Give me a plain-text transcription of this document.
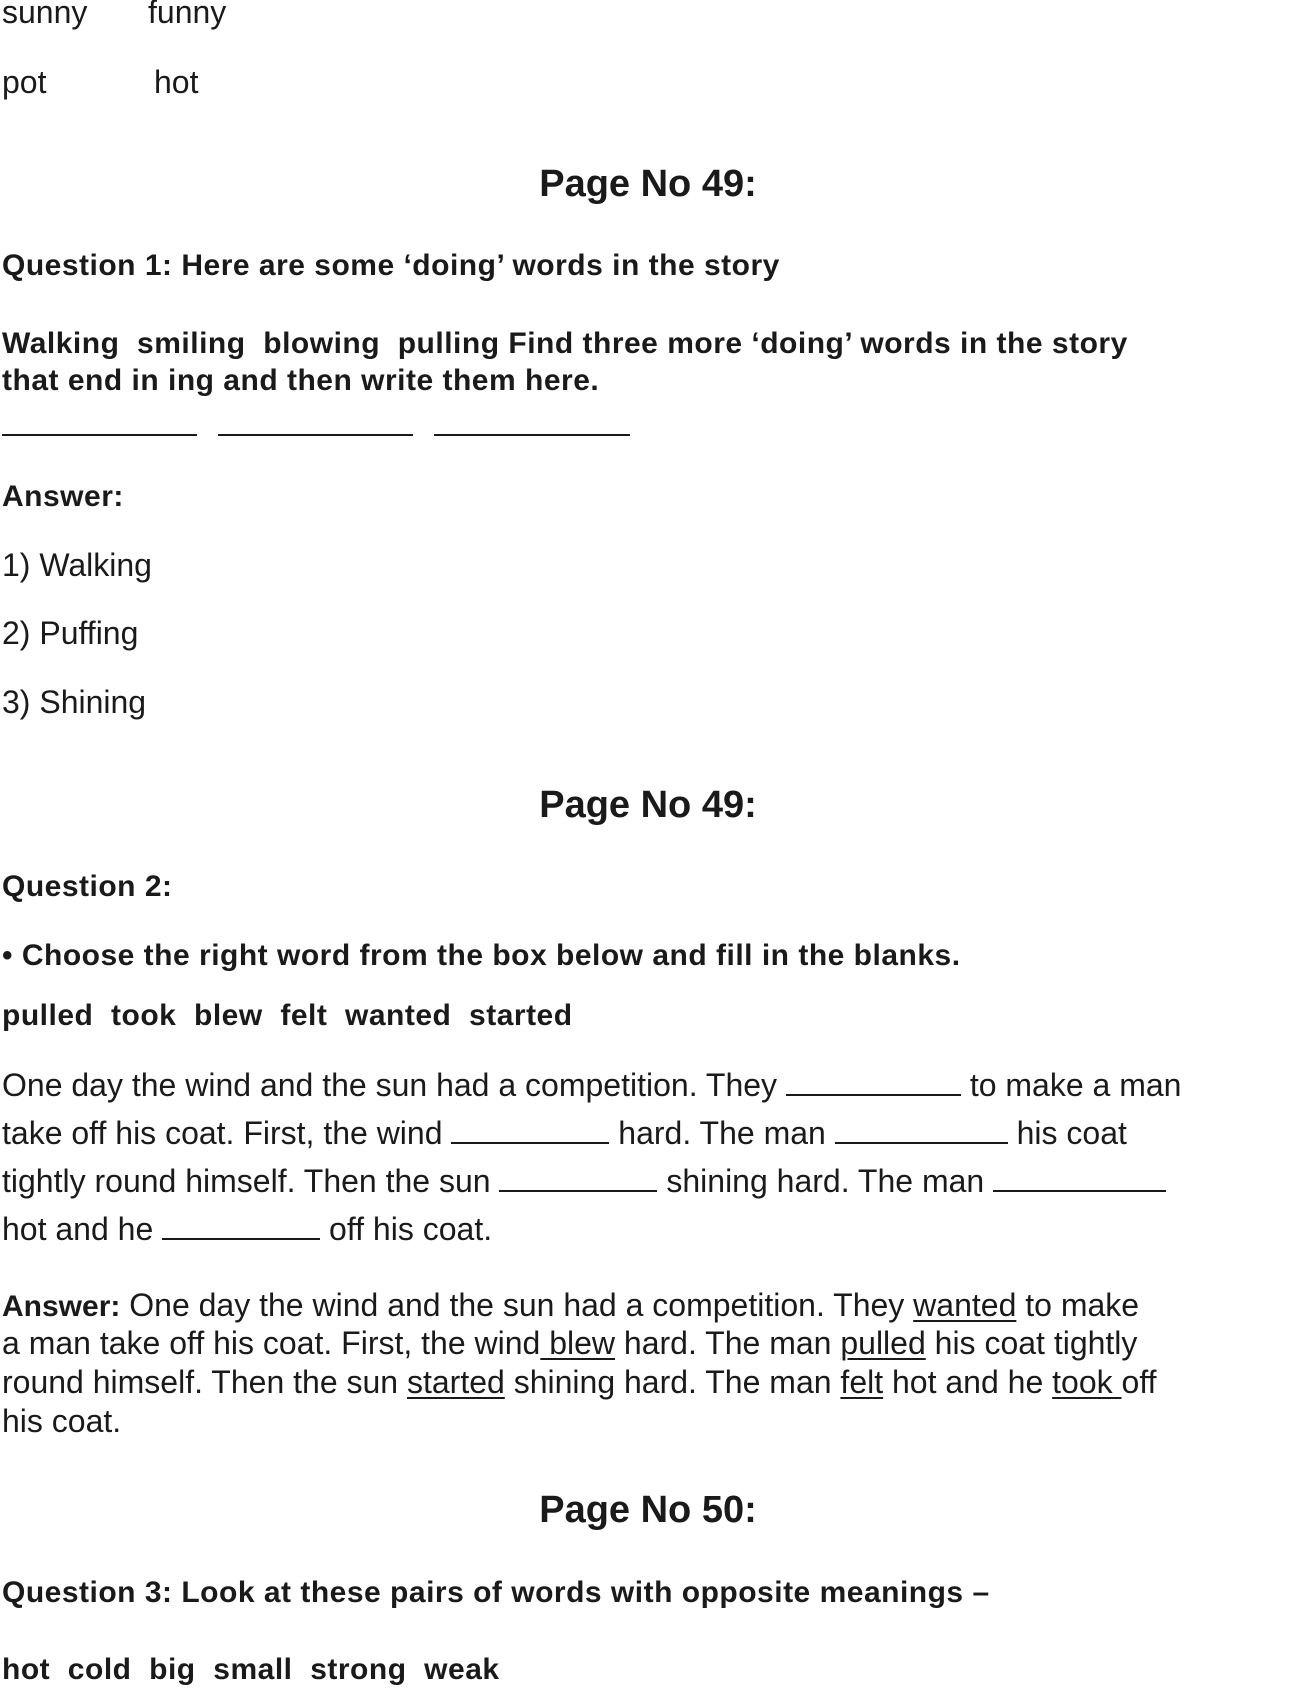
sunny funny
pot	hot
Page No 49:
Question 1: Here are some ‘doing’ words in the story
Walking  smiling  blowing  pulling Find three more ‘doing’ words in the story
that end in ing and then write them here.
Answer:
1) Walking
2) Puffing
3) Shining
Page No 49:
Question 2:
• Choose the right word from the box below and fill in the blanks.
pulled  took  blew  felt  wanted  started
One day the wind and the sun had a competition. They	to make a man
take off his coat. First, the wind	hard. The man	his coat
tightly round himself. Then the sun	shining hard. The man
hot and he	off his coat.
Answer: One day the wind and the sun had a competition. They wanted to make
a man take off his coat. First, the wind blew hard. The man pulled his coat tightly
round himself. Then the sun started shining hard. The man felt hot and he took off
his coat.
Page No 50:
Question 3: Look at these pairs of words with opposite meanings –
hot  cold  big  small  strong  weak
